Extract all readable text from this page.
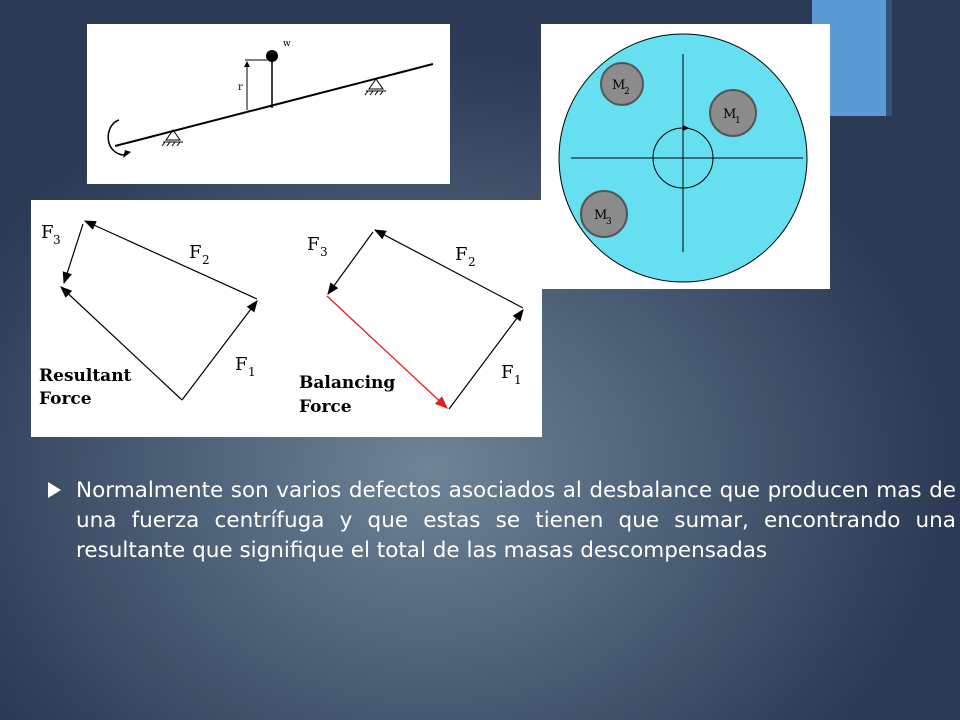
w
r	M
2
M
1
M
3
F 3
F 2
F 1
Resultant
Force
F 3	F 2
F 1
Balancing
Force
Normalmente son varios defectos asociados al desbalance que producen mas de una fuerza centrífuga y que estas se tienen que sumar, encontrando una resultante que signifique el total de las masas descompensadas
